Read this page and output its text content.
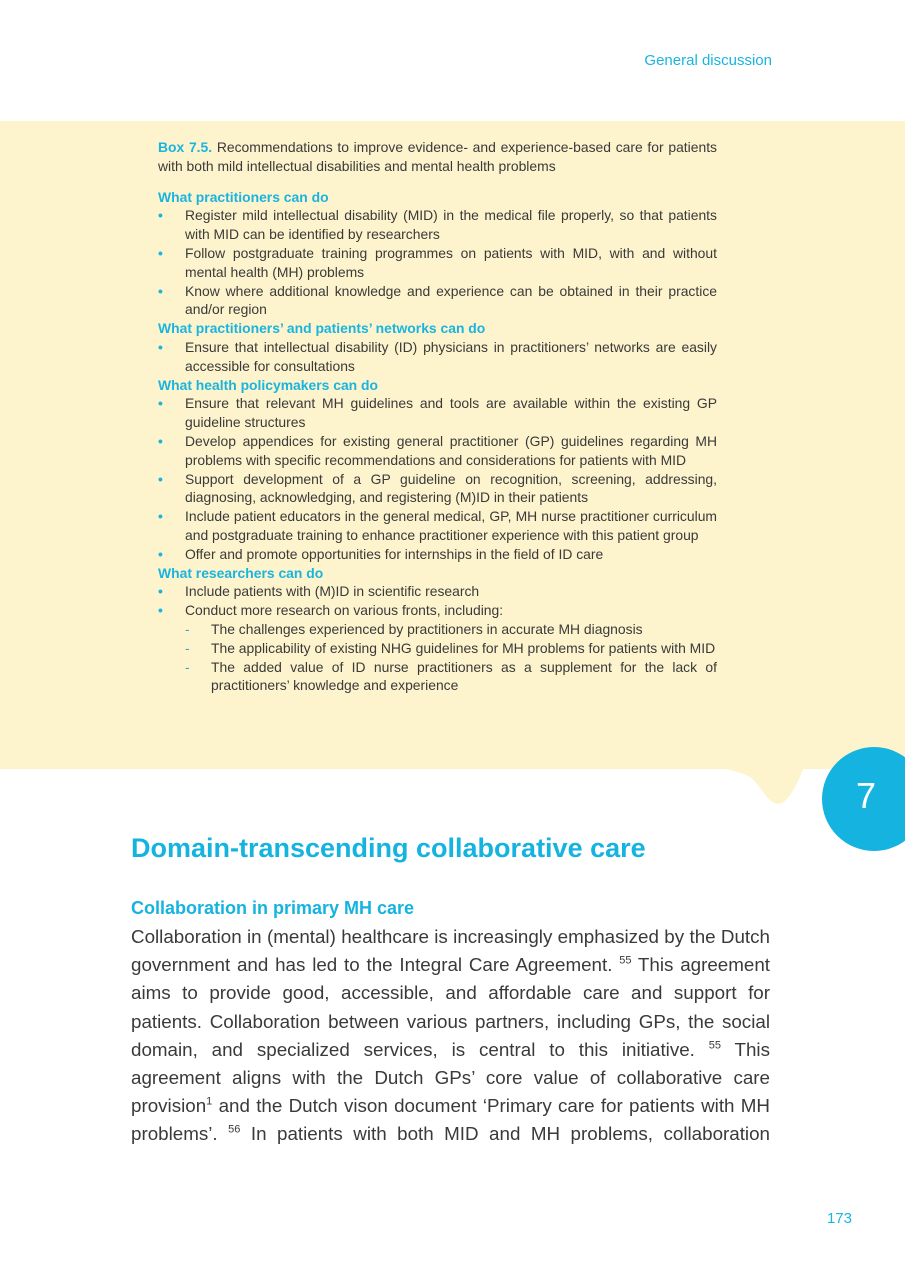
General discussion
7

Box 7.5. Recommendations to improve evidence- and experience-based care for patients with both mild intellectual disabilities and mental health problems

What practitioners can do

• Register mild intellectual disability (MID) in the medical file properly, so that patients with MID can be identified by researchers
• Follow postgraduate training programmes on patients with MID, with and without mental health (MH) problems
• Know where additional knowledge and experience can be obtained in their practice and/or region

What practitioners’ and patients’ networks can do

• Ensure that intellectual disability (ID) physicians in practitioners’ networks are easily accessible for consultations

What health policymakers can do

• Ensure that relevant MH guidelines and tools are available within the existing GP guideline structures
• Develop appendices for existing general practitioner (GP) guidelines regarding MH problems with specific recommendations and considerations for patients with MID
• Support development of a GP guideline on recognition, screening, addressing, diagnosing, acknowledging, and registering (M)ID in their patients
• Include patient educators in the general medical, GP, MH nurse practitioner curriculum and postgraduate training to enhance practitioner experience with this patient group
• Offer and promote opportunities for internships in the field of ID care

What researchers can do

• Include patients with (M)ID in scientific research
• Conduct more research on various fronts, including:
- The challenges experienced by practitioners in accurate MH diagnosis
- The applicability of existing NHG guidelines for MH problems for patients with MID
- The added value of ID nurse practitioners as a supplement for the lack of practitioners’ knowledge and experience
Domain-transcending collaborative care
Collaboration in primary MH care

Collaboration in (mental) healthcare is increasingly emphasized by the Dutch government and has led to the Integral Care Agreement. $^{55}$ This agreement aims to provide good, accessible, and affordable care and support for patients. Collaboration between various partners, including GPs, the social domain, and specialized services, is central to this initiative. $^{55}$ This agreement aligns with the Dutch GPs’ core value of collaborative care provision$^1$ and the Dutch vison document ‘Primary care for patients with MH problems’. $^{56}$ In patients with both MID and MH problems, collaboration

173
